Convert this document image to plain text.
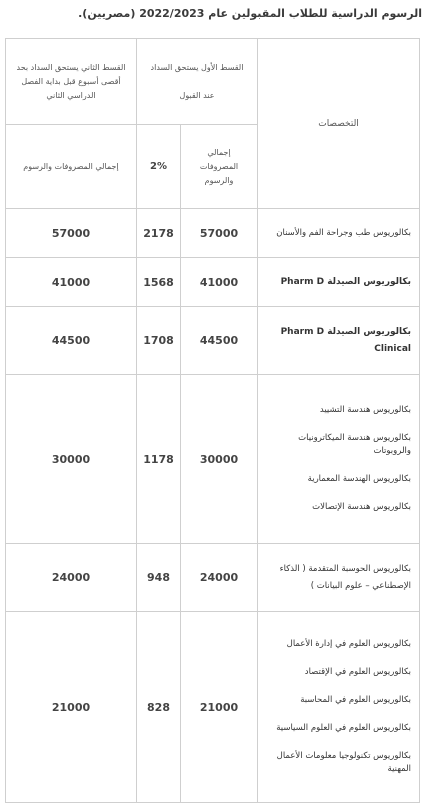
الرسوم الدراسية للطلاب المقبولين عام 2022/2023 (مصريين).
القسط الثاني يستحق السداد بحد أقصى أسبوع قبل بداية الفصل الدراسي الثاني	القسط الأول يستحق السداد
عند القبول		التخصصات
إجمالي المصروفات والرسوم	2%	إجمالي المصروفات والرسوم	
57000	2178	57000	بكالوريوس طب وجراحة الفم والأسنان

41000	1568	41000	بكالوريوس الصيدلة Pharm D

44500	1708	44500	بكالوريوس الصيدلة Pharm D Clinical

30000	1178	30000	بكالوريوس هندسة التشييد
بكالوريوس هندسة الميكاترونيات والروبوتات
بكالوريوس الهندسة المعمارية
بكالوريوس هندسة الإتصالات

24000	948	24000	بكالوريوس الحوسبة المتقدمة ( الذكاء الإصطناعي – علوم البيانات )

21000	828	21000	بكالوريوس العلوم في إدارة الأعمال
بكالوريوس العلوم في الإقتصاد
بكالوريوس العلوم في المحاسبة
بكالوريوس العلوم في العلوم السياسية
بكالوريوس تكنولوجيا معلومات الأعمال المهنية
